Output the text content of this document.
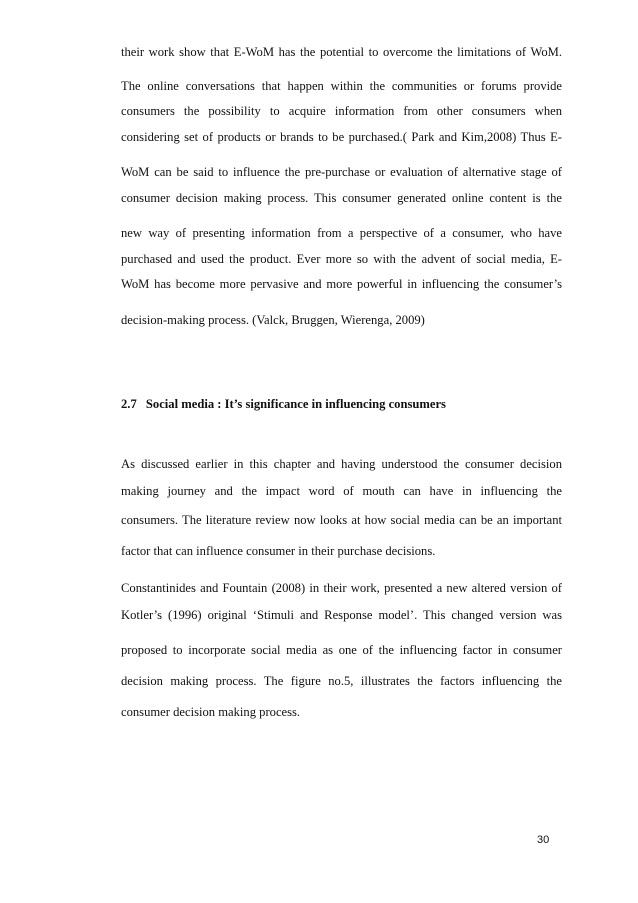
their work show that E-WoM has the potential to overcome the limitations of WoM.
The online conversations that happen within the communities or forums provide
consumers the possibility to acquire information from other consumers when
considering set of products or brands to be purchased.( Park and Kim,2008) Thus E-
WoM can be said to influence the pre-purchase or evaluation of alternative stage of
consumer decision making process. This consumer generated online content is the
new way of presenting information from a perspective of a consumer, who have
purchased and used the product. Ever more so with the advent of social media, E-
WoM has become more pervasive and more powerful in influencing the consumer’s
decision-making process. (Valck, Bruggen, Wierenga, 2009)
2.7 Social media : It’s significance in influencing consumers
As discussed earlier in this chapter and having understood the consumer decision
making journey and the impact word of mouth can have in influencing the
consumers. The literature review now looks at how social media can be an important
factor that can influence consumer in their purchase decisions.
Constantinides and Fountain (2008) in their work, presented a new altered version of
Kotler’s (1996) original ‘Stimuli and Response model’. This changed version was
proposed to incorporate social media as one of the influencing factor in consumer
decision making process. The figure no.5, illustrates the factors influencing the
consumer decision making process.
30
